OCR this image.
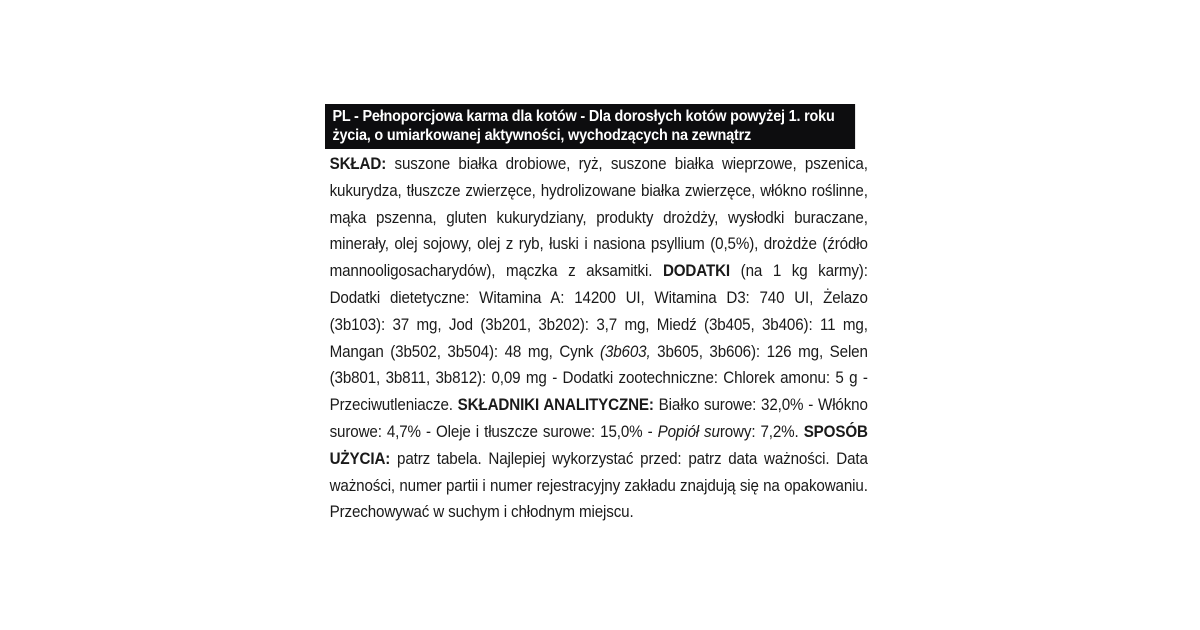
PL - Pełnoporcjowa karma dla kotów - Dla dorosłych kotów powyżej 1. roku życia, o umiarkowanej aktywności, wychodzących na zewnątrz
SKŁAD: suszone białka drobiowe, ryż, suszone białka wieprzowe, pszenica, kukurydza, tłuszcze zwierzęce, hydrolizowane białka zwierzęce, włókno roślinne, mąka pszenna, gluten kukurydziany, produkty drożdży, wysłodki buraczane, minerały, olej sojowy, olej z ryb, łuski i nasiona psyllium (0,5%), drożdże (źródło mannooligosacharydów), mączka z aksamitki. DODATKI (na 1 kg karmy): Dodatki dietetyczne: Witamina A: 14200 UI, Witamina D3: 740 UI, Żelazo (3b103): 37 mg, Jod (3b201, 3b202): 3,7 mg, Miedź (3b405, 3b406): 11 mg, Mangan (3b502, 3b504): 48 mg, Cynk (3b603, 3b605, 3b606): 126 mg, Selen (3b801, 3b811, 3b812): 0,09 mg - Dodatki zootechniczne: Chlorek amonu: 5 g - Przeciwutleniacze. SKŁADNIKI ANALITYCZNE: Białko surowe: 32,0% - Włókno surowe: 4,7% - Oleje i tłuszcze surowe: 15,0% - Popiół surowy: 7,2%. SPOSÓB UŻYCIA: patrz tabela. Najlepiej wykorzystać przed: patrz data ważności. Data ważności, numer partii i numer rejestracyjny zakładu znajdują się na opakowaniu. Przechowywać w suchym i chłodnym miejscu.
